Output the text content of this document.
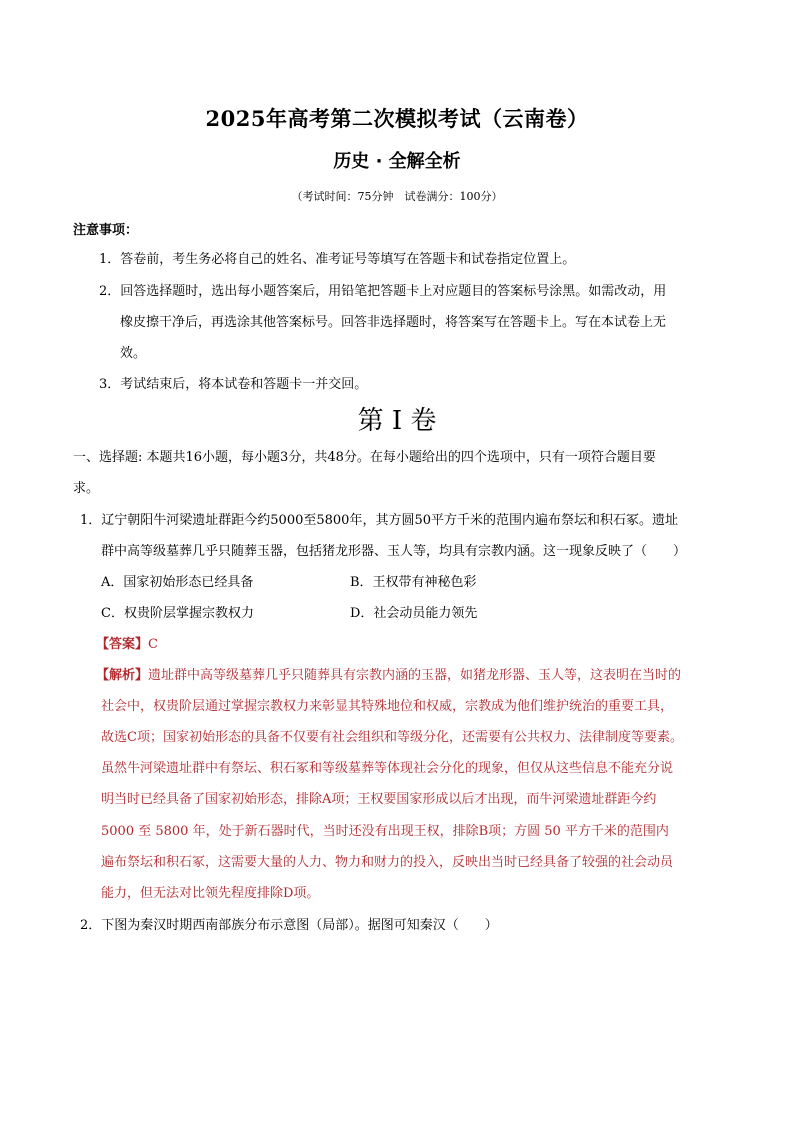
2025年高考第二次模拟考试（云南卷）
历史 · 全解全析
（考试时间：75分钟　试卷满分：100分）
注意事项：
1．答卷前，考生务必将自己的姓名、准考证号等填写在答题卡和试卷指定位置上。
2．回答选择题时，选出每小题答案后，用铅笔把答题卡上对应题目的答案标号涂黑。如需改动，用
橡皮擦干净后，再选涂其他答案标号。回答非选择题时，将答案写在答题卡上。写在本试卷上无
效。
3．考试结束后，将本试卷和答题卡一并交回。
第 I 卷
一、选择题: 本题共16小题，每小题3分，共48分。在每小题给出的四个选项中，只有一项符合题目要
求。
1．辽宁朝阳牛河梁遗址群距今约5000至5800年，其方圆50平方千米的范围内遍布祭坛和积石冢。遗址
群中高等级墓葬几乎只随葬玉器，包括猪龙形器、玉人等，均具有宗教内涵。这一现象反映了（　　）
A．国家初始形态已经具备	B．王权带有神秘色彩
C．权贵阶层掌握宗教权力	D．社会动员能力领先
【答案】C
【解析】遗址群中高等级墓葬几乎只随葬具有宗教内涵的玉器，如猪龙形器、玉人等，这表明在当时的
社会中，权贵阶层通过掌握宗教权力来彰显其特殊地位和权威，宗教成为他们维护统治的重要工具，
故选C项；国家初始形态的具备不仅要有社会组织和等级分化，还需要有公共权力、法律制度等要素。
虽然牛河梁遗址群中有祭坛、积石冢和等级墓葬等体现社会分化的现象，但仅从这些信息不能充分说
明当时已经具备了国家初始形态，排除A项；王权要国家形成以后才出现，而牛河梁遗址群距今约
5000 至 5800 年，处于新石器时代，当时还没有出现王权，排除B项；方圆 50 平方千米的范围内
遍布祭坛和积石冢，这需要大量的人力、物力和财力的投入，反映出当时已经具备了较强的社会动员
能力，但无法对比领先程度排除D项。
2．下图为秦汉时期西南部族分布示意图（局部）。据图可知秦汉（　　）
